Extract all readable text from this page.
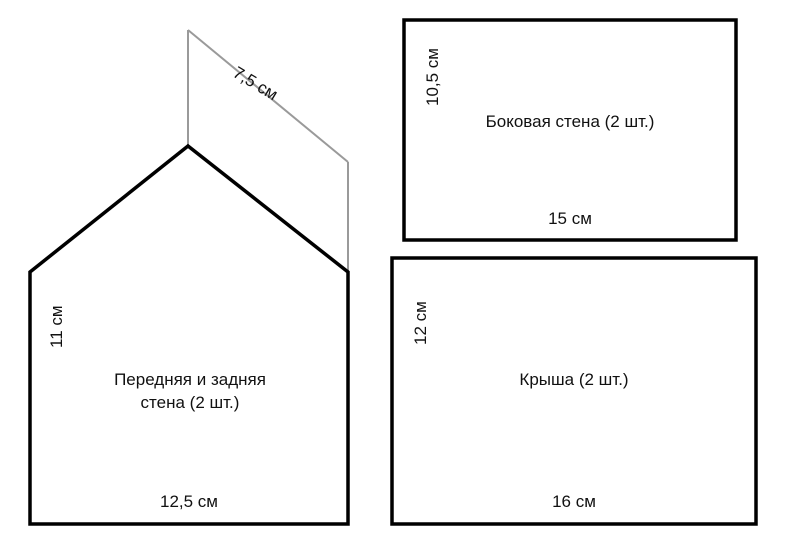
11 см
Передняя и задняя
стена (2 шт.)
12,5 см
7,5 см	10,5 см
Боковая стена (2 шт.)
15 см
12 см
Крыша (2 шт.)
16 см
